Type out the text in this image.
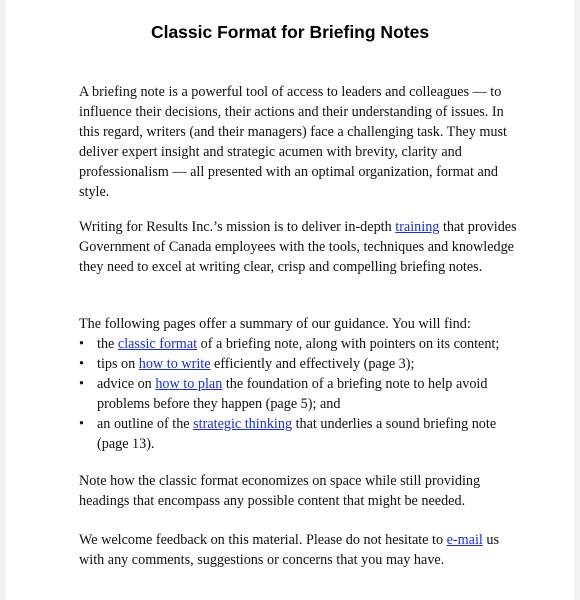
Classic Format for Briefing Notes

A briefing note is a powerful tool of access to leaders and colleagues — to influence their decisions, their actions and their understanding of issues. In this regard, writers (and their managers) face a challenging task. They must deliver expert insight and strategic acumen with brevity, clarity and professionalism — all presented with an optimal organization, format and style.

Writing for Results Inc.’s mission is to deliver in-depth training that provides Government of Canada employees with the tools, techniques and knowledge they need to excel at writing clear, crisp and compelling briefing notes.

The following pages offer a summary of our guidance. You will find:

• the classic format of a briefing note, along with pointers on its content;
• tips on how to write efficiently and effectively (page 3);
• advice on how to plan the foundation of a briefing note to help avoid problems before they happen (page 5); and
• an outline of the strategic thinking that underlies a sound briefing note (page 13).

Note how the classic format economizes on space while still providing headings that encompass any possible content that might be needed.

We welcome feedback on this material. Please do not hesitate to e-mail us with any comments, suggestions or concerns that you may have.
